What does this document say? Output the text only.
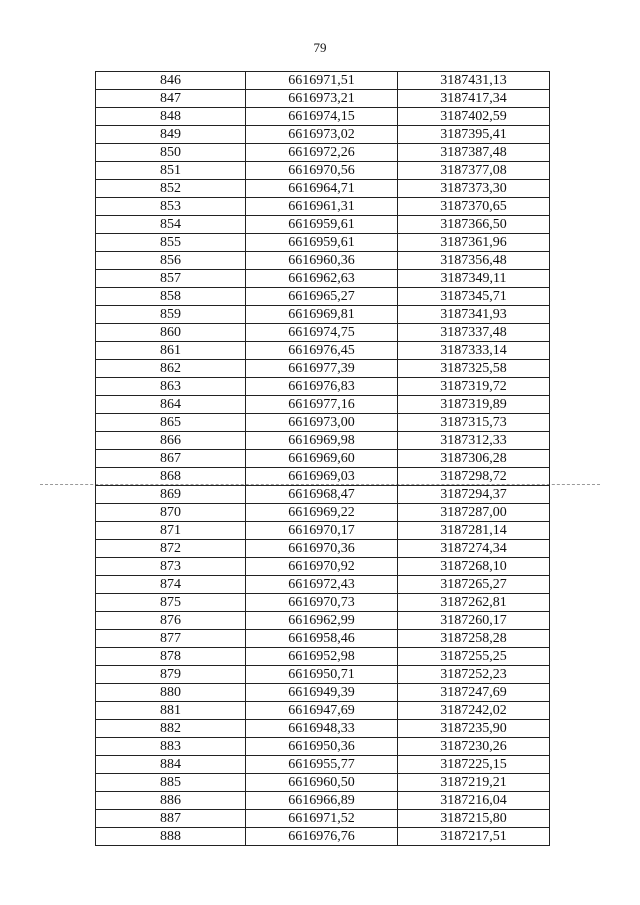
79
846	6616971,51	3187431,13
847	6616973,21	3187417,34
848	6616974,15	3187402,59
849	6616973,02	3187395,41
850	6616972,26	3187387,48
851	6616970,56	3187377,08
852	6616964,71	3187373,30
853	6616961,31	3187370,65
854	6616959,61	3187366,50
855	6616959,61	3187361,96
856	6616960,36	3187356,48
857	6616962,63	3187349,11
858	6616965,27	3187345,71
859	6616969,81	3187341,93
860	6616974,75	3187337,48
861	6616976,45	3187333,14
862	6616977,39	3187325,58
863	6616976,83	3187319,72
864	6616977,16	3187319,89
865	6616973,00	3187315,73
866	6616969,98	3187312,33
867	6616969,60	3187306,28
868	6616969,03	3187298,72
869	6616968,47	3187294,37
870	6616969,22	3187287,00
871	6616970,17	3187281,14
872	6616970,36	3187274,34
873	6616970,92	3187268,10
874	6616972,43	3187265,27
875	6616970,73	3187262,81
876	6616962,99	3187260,17
877	6616958,46	3187258,28
878	6616952,98	3187255,25
879	6616950,71	3187252,23
880	6616949,39	3187247,69
881	6616947,69	3187242,02
882	6616948,33	3187235,90
883	6616950,36	3187230,26
884	6616955,77	3187225,15
885	6616960,50	3187219,21
886	6616966,89	3187216,04
887	6616971,52	3187215,80
888	6616976,76	3187217,51
